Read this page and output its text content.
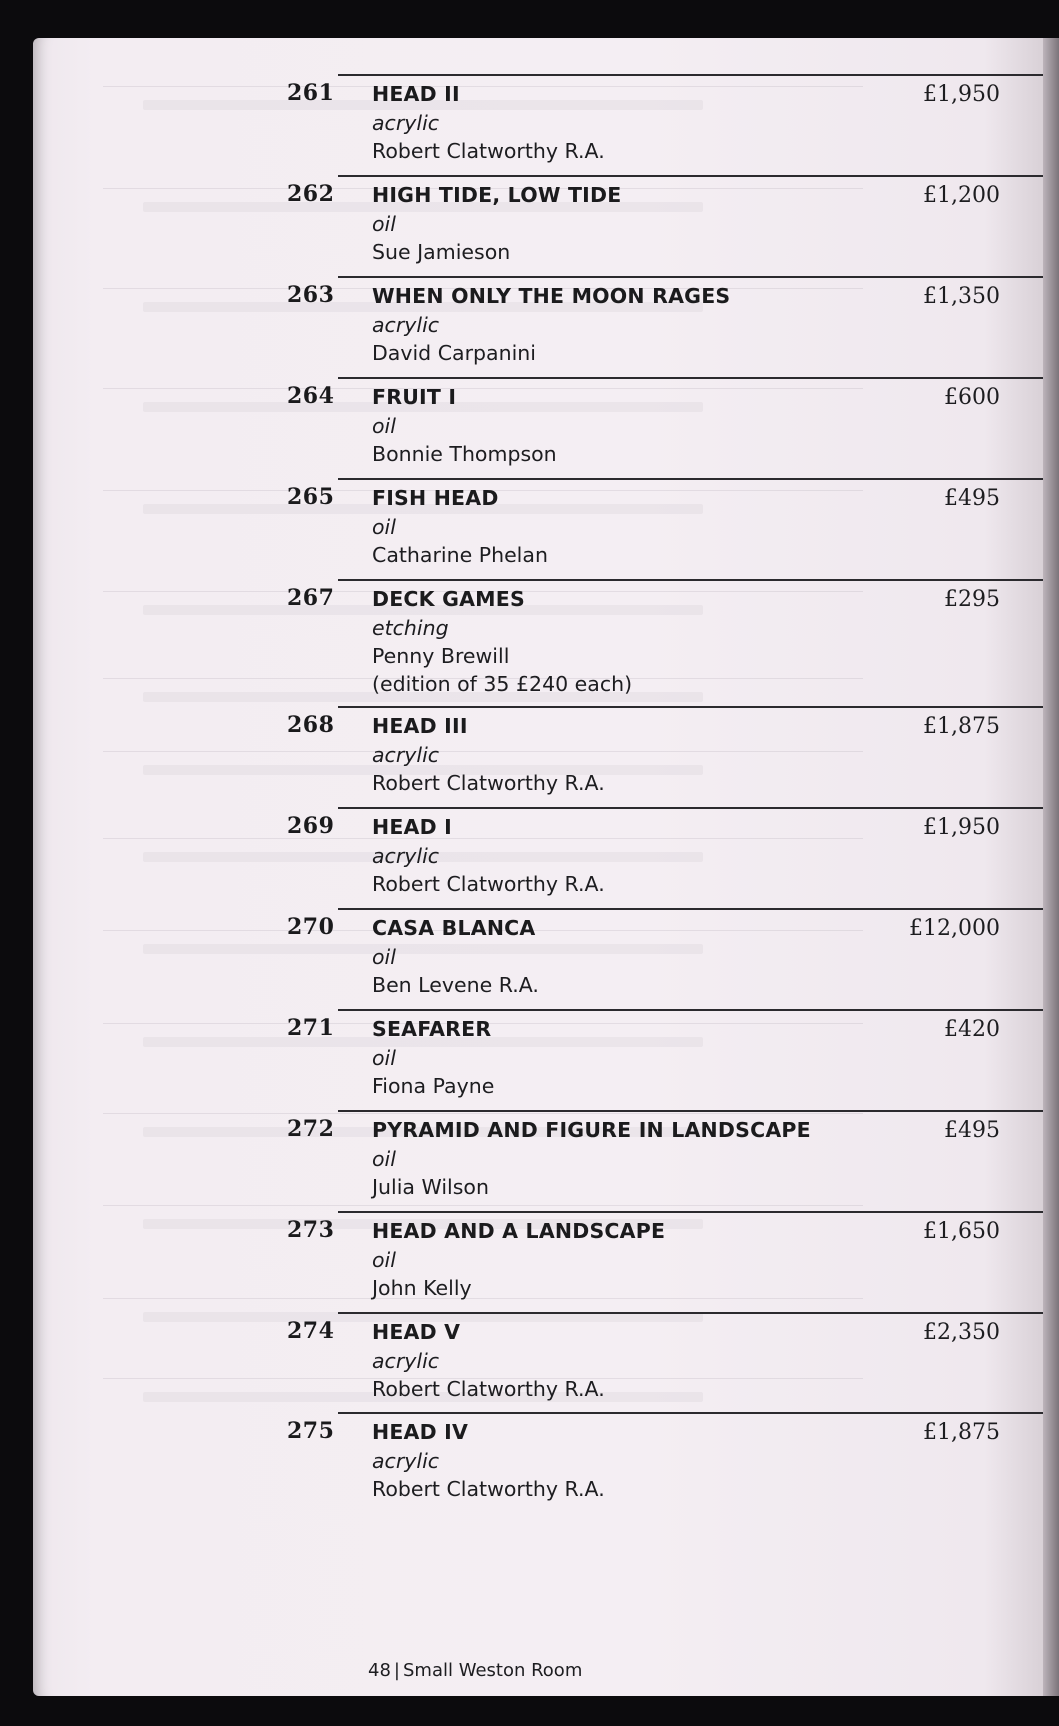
261	HEAD II
acrylic
Robert Clatworthy R.A.
£1,950
262	HIGH TIDE, LOW TIDE
oil
Sue Jamieson
£1,200
263	WHEN ONLY THE MOON RAGES
acrylic
David Carpanini
£1,350
264	FRUIT I
oil
Bonnie Thompson
£600
265	FISH HEAD
oil
Catharine Phelan
£495
267	DECK GAMES
etching
Penny Brewill
(edition of 35 £240 each)
£295
268	HEAD III
acrylic
Robert Clatworthy R.A.
£1,875
269	HEAD I
acrylic
Robert Clatworthy R.A.
£1,950
270	CASA BLANCA
oil
Ben Levene R.A.
£12,000
271	SEAFARER
oil
Fiona Payne
£420
272	PYRAMID AND FIGURE IN LANDSCAPE
oil
Julia Wilson
£495
273	HEAD AND A LANDSCAPE
oil
John Kelly
£1,650
274	HEAD V
acrylic
Robert Clatworthy R.A.
£2,350
275	HEAD IV
acrylic
Robert Clatworthy R.A.
£1,875
48 | Small Weston Room
